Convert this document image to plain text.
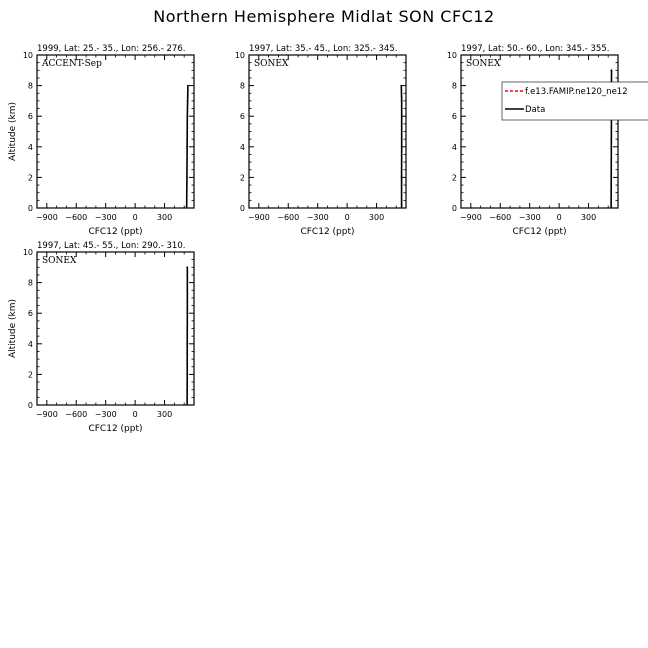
Northern Hemisphere Midlat SON CFC12
−900 −600 −300 0 300
0
2
4
6
8
10
1999, Lat: 25.- 35., Lon: 256.- 276.
ACCENT-Sep
CFC12 (ppt)
Altitude (km)
−900 −600 −300 0 300
0
2
4
6
8
10
1997, Lat: 35.- 45., Lon: 325.- 345.
SONEX
CFC12 (ppt)
−900 −600 −300 0 300
0
2
4
6
8
10
1997, Lat: 50.- 60., Lon: 345.- 355.
SONEX
CFC12 (ppt)
f.e13.FAMIP.ne120_ne12
Data
−900 −600 −300 0 300
0
2
4
6
8
10
1997, Lat: 45.- 55., Lon: 290.- 310.
SONEX
CFC12 (ppt)
Altitude (km)
